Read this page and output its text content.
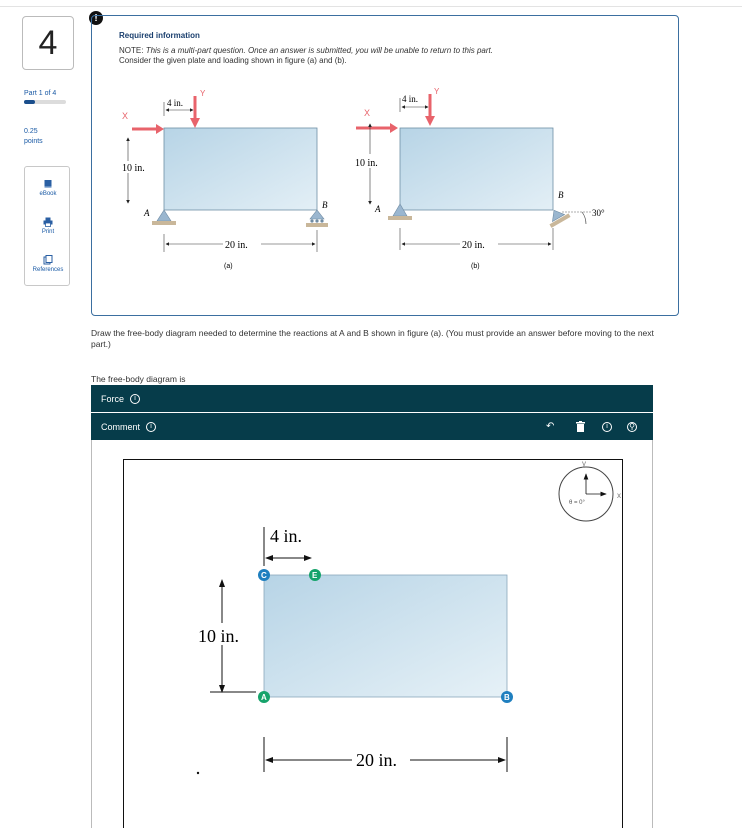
4
Part 1 of 4
0.25
points
eBook
Print
References
!
Required information
NOTE: This is a multi-part question. Once an answer is submitted, you will be unable to return to this part.
Consider the given plate and loading shown in figure (a) and (b).
X
Y
4 in.
10 in.
A
B
20 in.
(a)
X
Y
4 in.
10 in.
A
B
30°
20 in.
(b)
Draw the free-body diagram needed to determine the reactions at A and B shown in figure (a). (You must provide an answer before moving to the next part.)
The free-body diagram is
Force	i
Comment	i	↶	i	⚲
4 in.
10 in.
20 in.
C	E
A	B
y
x
θ = 0°
